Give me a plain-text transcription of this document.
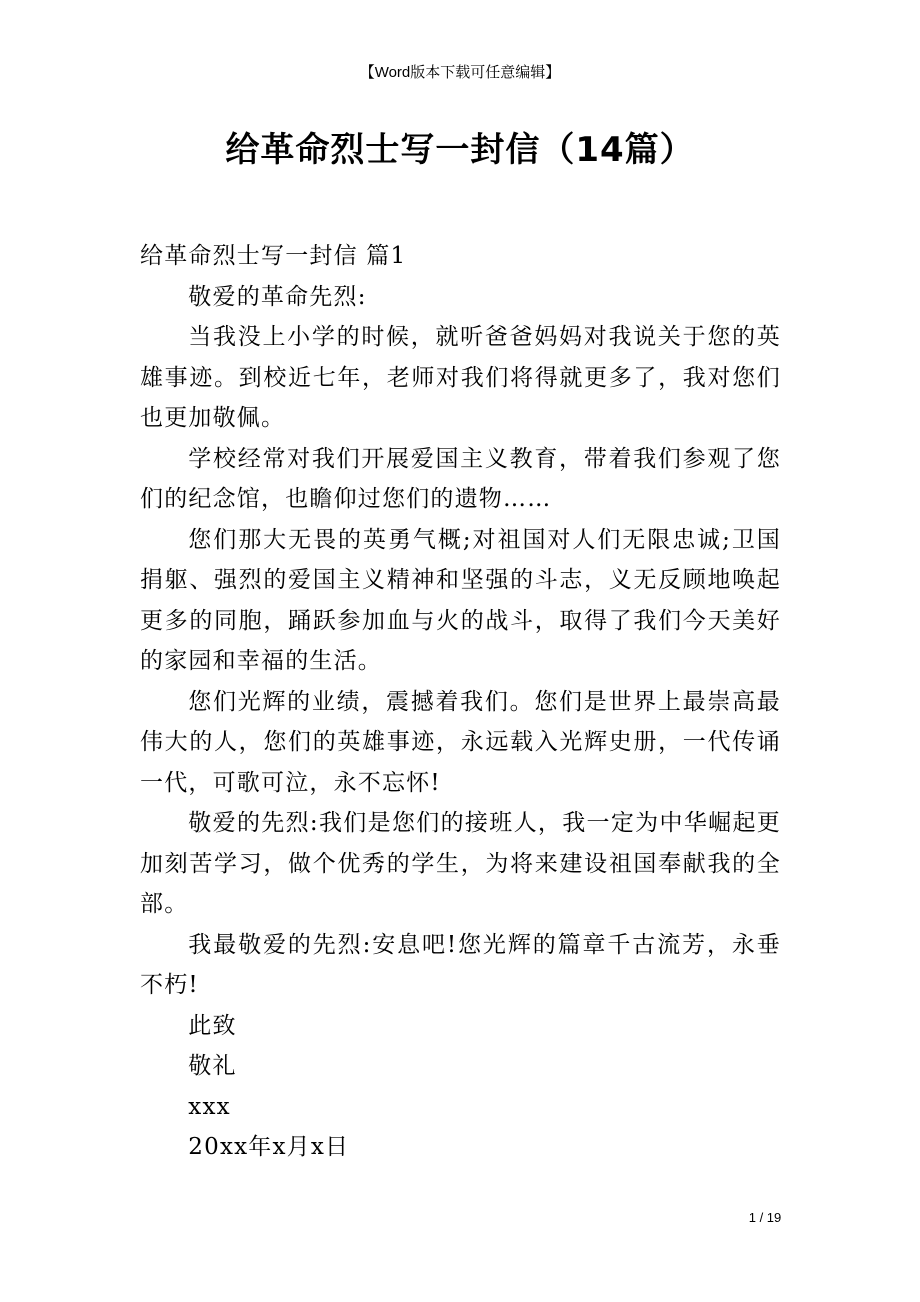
【Word版本下载可任意编辑】
给革命烈士写一封信（14篇）

给革命烈士写一封信 篇1

敬爱的革命先烈:

当我没上小学的时候，就听爸爸妈妈对我说关于您的英雄事迹。到校近七年，老师对我们将得就更多了，我对您们也更加敬佩。

学校经常对我们开展爱国主义教育，带着我们参观了您们的纪念馆，也瞻仰过您们的遗物……

您们那大无畏的英勇气概;对祖国对人们无限忠诚;卫国捐躯、强烈的爱国主义精神和坚强的斗志，义无反顾地唤起更多的同胞，踊跃参加血与火的战斗，取得了我们今天美好的家园和幸福的生活。

您们光辉的业绩，震撼着我们。您们是世界上最崇高最伟大的人，您们的英雄事迹，永远载入光辉史册，一代传诵一代，可歌可泣，永不忘怀!

敬爱的先烈:我们是您们的接班人，我一定为中华崛起更加刻苦学习，做个优秀的学生，为将来建设祖国奉献我的全部。

我最敬爱的先烈:安息吧!您光辉的篇章千古流芳，永垂不朽!

此致

敬礼

xxx

20xx年x月x日

1 / 19
